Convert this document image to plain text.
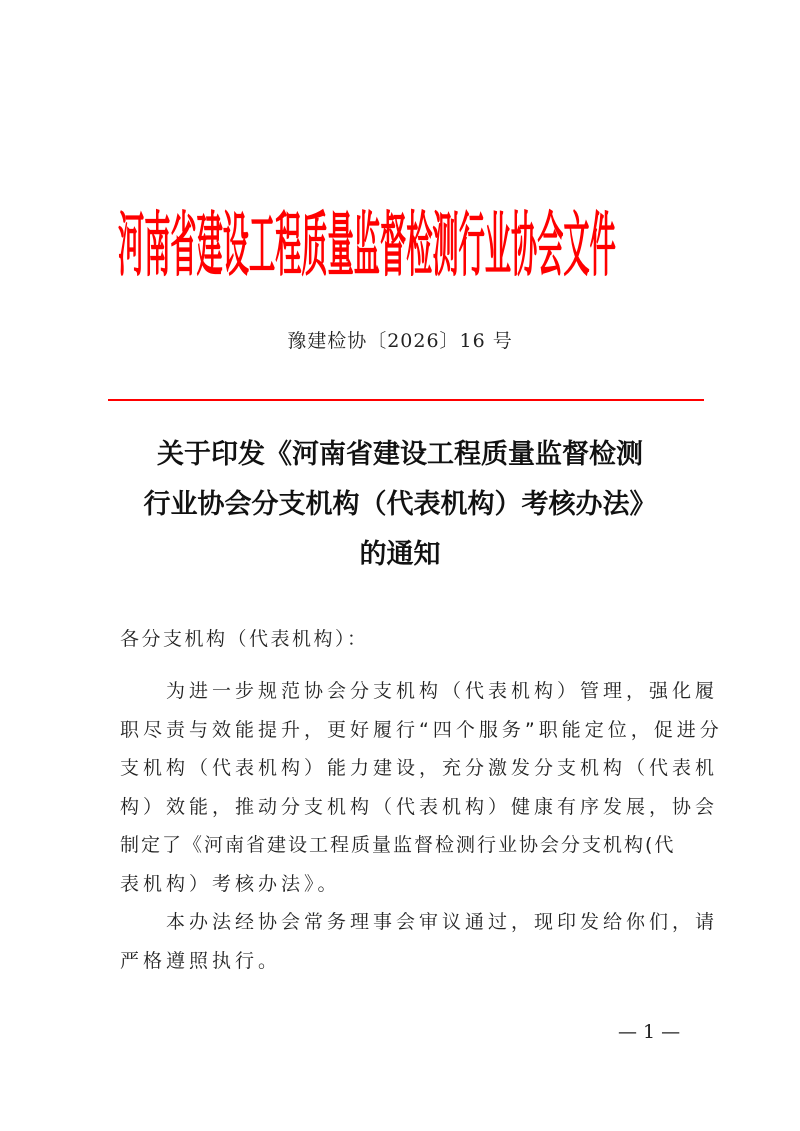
河南省建设工程质量监督检测行业协会文件
豫建检协〔2026〕16 号
关于印发《河南省建设工程质量监督检测
行业协会分支机构（代表机构）考核办法》
的通知
各分支机构（代表机构）：
　　为进一步规范协会分支机构（代表机构）管理，强化履
职尽责与效能提升，更好履行“四个服务”职能定位，促进分
支机构（代表机构）能力建设，充分激发分支机构（代表机
构）效能，推动分支机构（代表机构）健康有序发展，协会
制定了《河南省建设工程质量监督检测行业协会分支机构(代
表机构）考核办法》。
　　本办法经协会常务理事会审议通过，现印发给你们，请
严格遵照执行。
— 1 —
